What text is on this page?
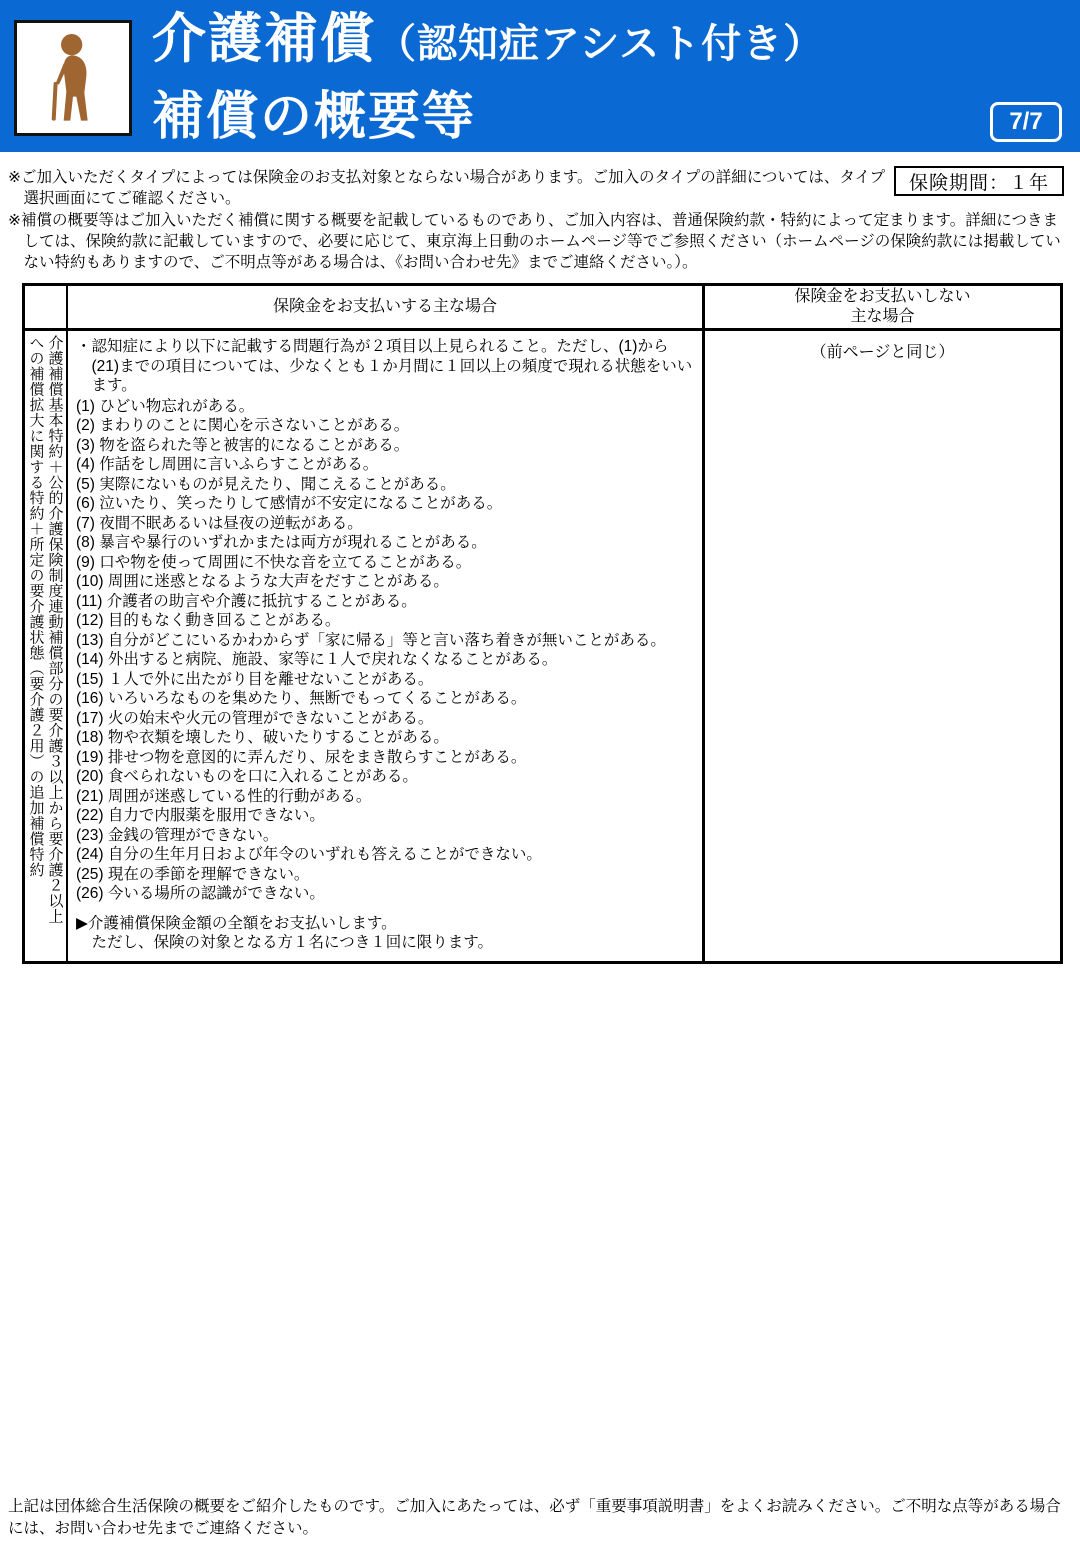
介護補償（認知症アシスト付き）
補償の概要等	7/7
保険期間：１年

※ご加入いただくタイプによっては保険金のお支払対象とならない場合があります。ご加入のタイプの詳細については、タイプ選択画面にてご確認ください。

※補償の概要等はご加入いただく補償に関する概要を記載しているものであり、ご加入内容は、普通保険約款・特約によって定まります。詳細につきましては、保険約款に記載していますので、必要に応じて、東京海上日動のホームページ等でご参照ください（ホームページの保険約款には掲載していない特約もありますので、ご不明点等がある場合は、《お問い合わせ先》までご連絡ください。）。

保険金をお支払いする主な場合
保険金をお支払いしない
主な場合
介護補償基本特約＋公的介護保険制度連動補償部分の要介護３以上から要介護２以上
への補償拡大に関する特約＋所定の要介護状態（要介護２用）の追加補償特約 ・認知症により以下に記載する問題行為が２項目以上見られること。ただし、(1)から(21)までの項目については、少なくとも１か月間に１回以上の頻度で現れる状態をいいます。
(1) ひどい物忘れがある。
(2) まわりのことに関心を示さないことがある。
(3) 物を盗られた等と被害的になることがある。
(4) 作話をし周囲に言いふらすことがある。
(5) 実際にないものが見えたり、聞こえることがある。
(6) 泣いたり、笑ったりして感情が不安定になることがある。
(7) 夜間不眠あるいは昼夜の逆転がある。
(8) 暴言や暴行のいずれかまたは両方が現れることがある。
(9) 口や物を使って周囲に不快な音を立てることがある。
(10) 周囲に迷惑となるような大声をだすことがある。
(11) 介護者の助言や介護に抵抗することがある。
(12) 目的もなく動き回ることがある。
(13) 自分がどこにいるかわからず「家に帰る」等と言い落ち着きが無いことがある。
(14) 外出すると病院、施設、家等に１人で戻れなくなることがある。
(15) １人で外に出たがり目を離せないことがある。
(16) いろいろなものを集めたり、無断でもってくることがある。
(17) 火の始末や火元の管理ができないことがある。
(18) 物や衣類を壊したり、破いたりすることがある。
(19) 排せつ物を意図的に弄んだり、尿をまき散らすことがある。
(20) 食べられないものを口に入れることがある。
(21) 周囲が迷惑している性的行動がある。
(22) 自力で内服薬を服用できない。
(23) 金銭の管理ができない。
(24) 自分の生年月日および年令のいずれも答えることができない。
(25) 現在の季節を理解できない。
(26) 今いる場所の認識ができない。
▶介護補償保険金額の全額をお支払いします。
ただし、保険の対象となる方１名につき１回に限ります。
（前ページと同じ）
上記は団体総合生活保険の概要をご紹介したものです。ご加入にあたっては、必ず「重要事項説明書」をよくお読みください。ご不明な点等がある場合には、お問い合わせ先までご連絡ください。
